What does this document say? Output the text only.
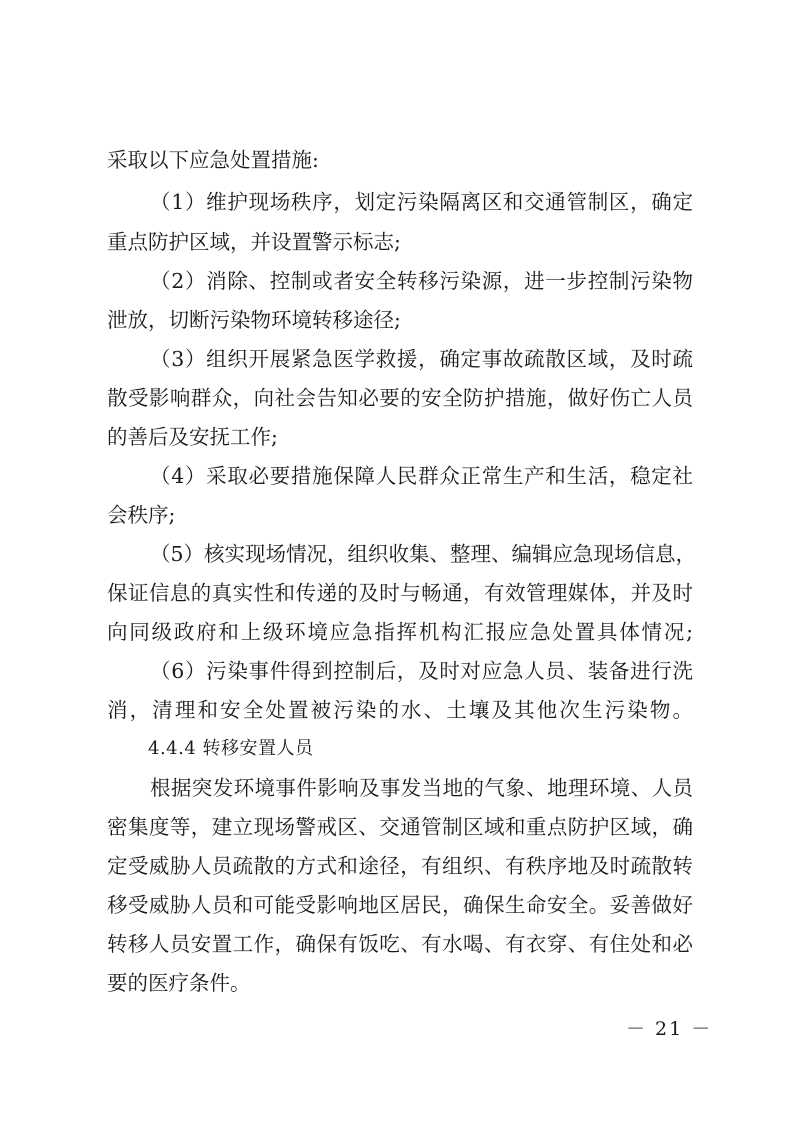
采取以下应急处置措施:
（1）维护现场秩序，划定污染隔离区和交通管制区，确定
重点防护区域，并设置警示标志;
（2）消除、控制或者安全转移污染源，进一步控制污染物
泄放，切断污染物环境转移途径;
（3）组织开展紧急医学救援，确定事故疏散区域，及时疏
散受影响群众，向社会告知必要的安全防护措施，做好伤亡人员
的善后及安抚工作;
（4）采取必要措施保障人民群众正常生产和生活，稳定社
会秩序;
（5）核实现场情况，组织收集、整理、编辑应急现场信息，
保证信息的真实性和传递的及时与畅通，有效管理媒体，并及时
向同级政府和上级环境应急指挥机构汇报应急处置具体情况;
（6）污染事件得到控制后，及时对应急人员、装备进行洗
消，清理和安全处置被污染的水、土壤及其他次生污染物。
4.4.4 转移安置人员
根据突发环境事件影响及事发当地的气象、地理环境、人员
密集度等，建立现场警戒区、交通管制区域和重点防护区域，确
定受威胁人员疏散的方式和途径，有组织、有秩序地及时疏散转
移受威胁人员和可能受影响地区居民，确保生命安全。妥善做好
转移人员安置工作，确保有饭吃、有水喝、有衣穿、有住处和必
要的医疗条件。
－ 21 －
